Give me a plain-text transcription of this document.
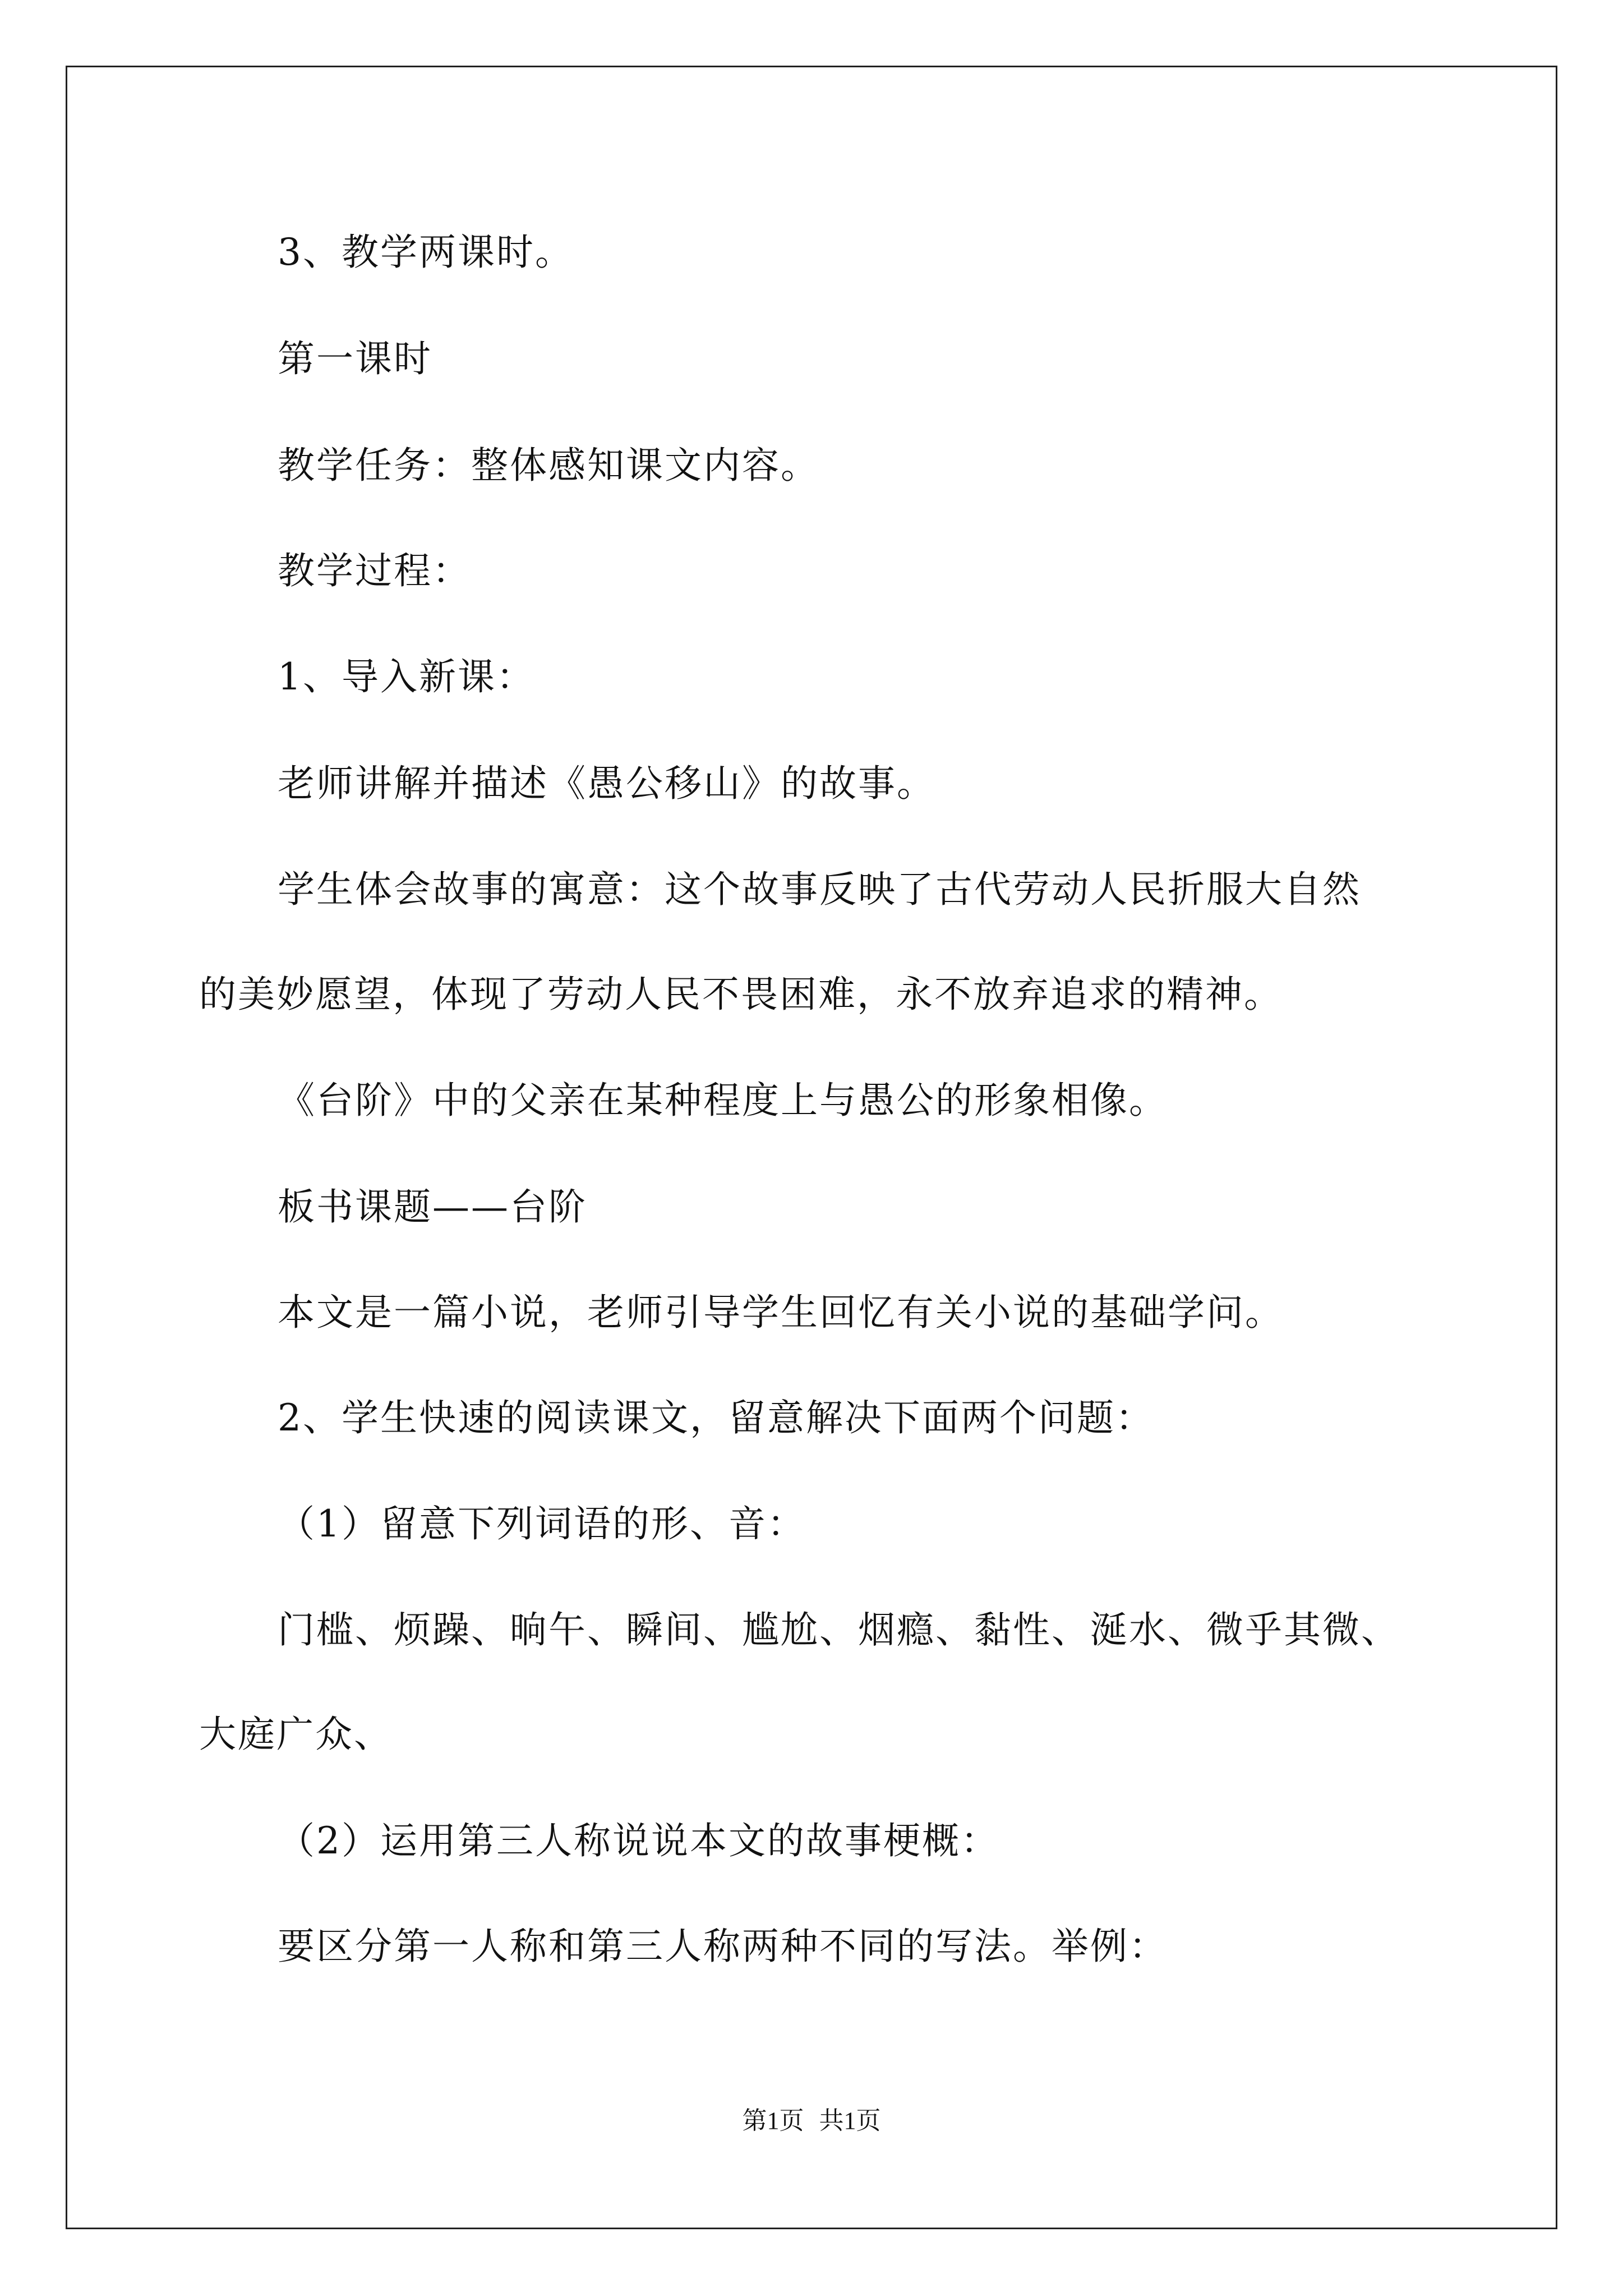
3、教学两课时。
第一课时
教学任务：整体感知课文内容。
教学过程：
1、导入新课：
老师讲解并描述《愚公移山》的故事。
学生体会故事的寓意：这个故事反映了古代劳动人民折服大自然
的美妙愿望，体现了劳动人民不畏困难，永不放弃追求的精神。
《台阶》中的父亲在某种程度上与愚公的形象相像。
板书课题——台阶
本文是一篇小说，老师引导学生回忆有关小说的基础学问。
2、学生快速的阅读课文，留意解决下面两个问题：
（1）留意下列词语的形、音：
门槛、烦躁、晌午、瞬间、尴尬、烟瘾、黏性、涎水、微乎其微、
大庭广众、
（2）运用第三人称说说本文的故事梗概：
要区分第一人称和第三人称两种不同的写法。举例：
第1页 共1页
